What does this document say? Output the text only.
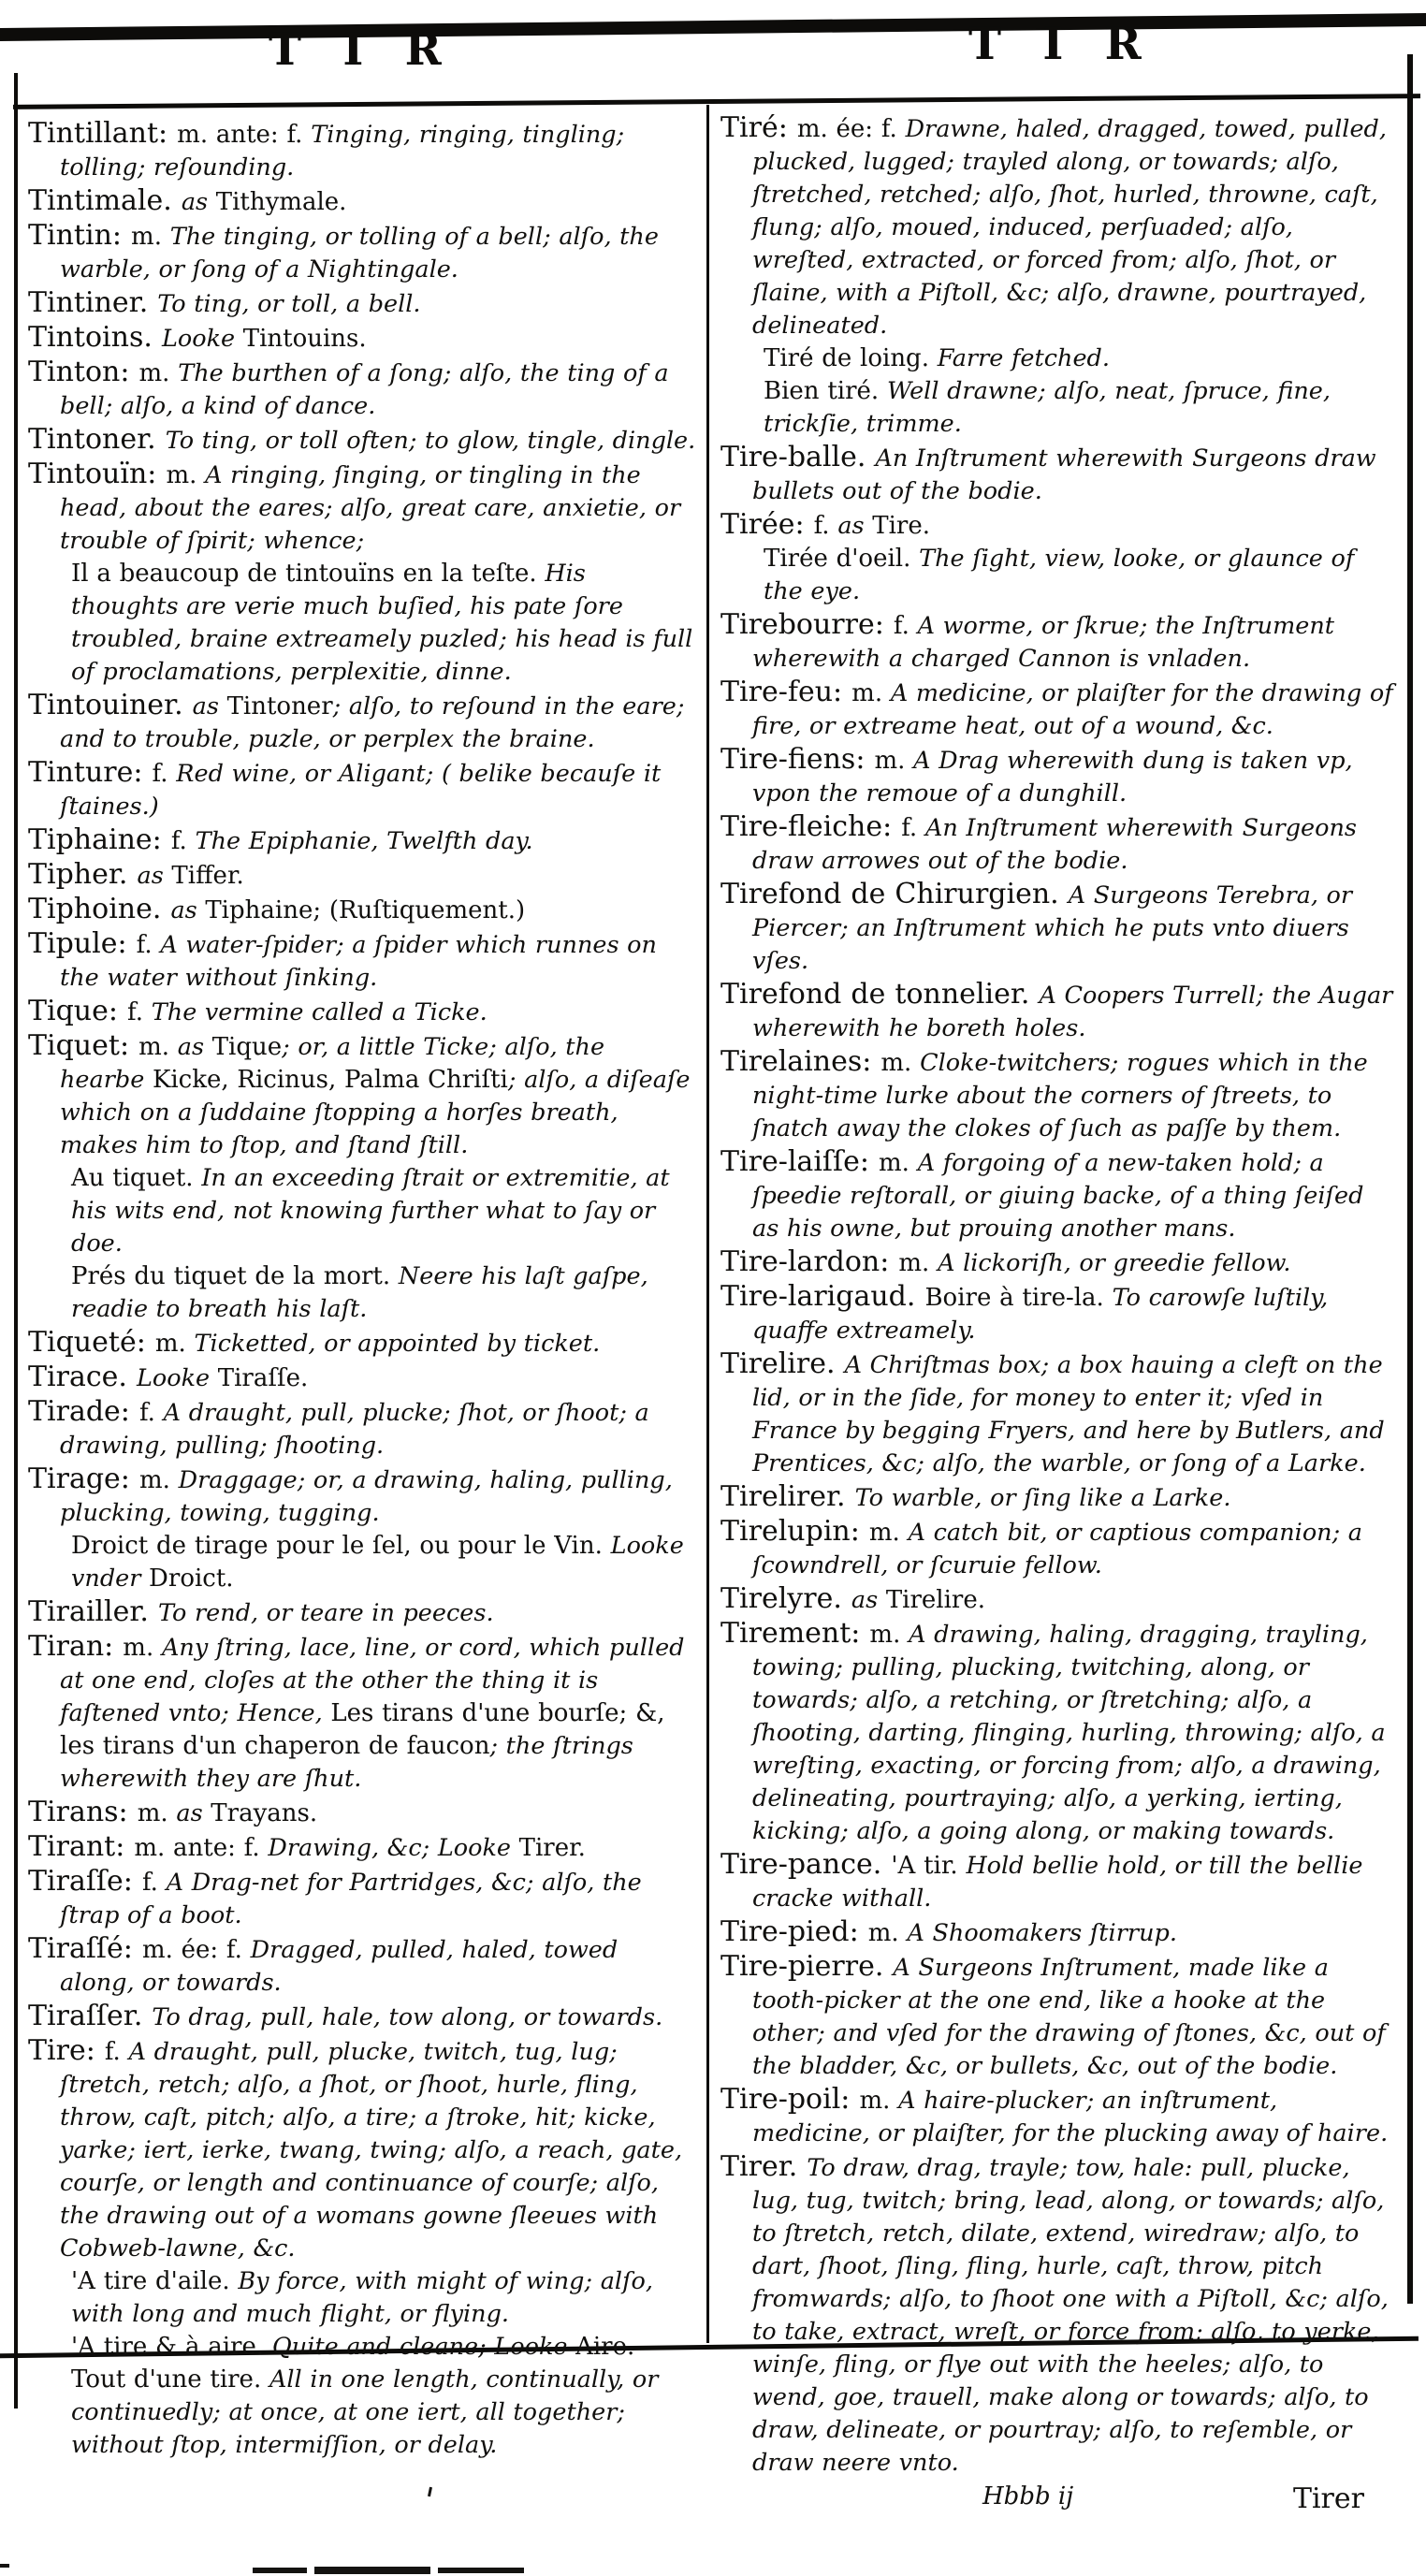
T I R	T I R

Tintillant: m. ante: f. Tinging, ringing, tingling; tolling; reſounding.

Tintimale. as Tithymale.

Tintin: m. The tinging, or tolling of a bell; alſo, the warble, or ſong of a Nightingale.

Tintiner. To ting, or toll, a bell.

Tintoins. Looke Tintouins.

Tinton: m. The burthen of a ſong; alſo, the ting of a bell; alſo, a kind of dance.

Tintoner. To ting, or toll often; to glow, tingle, dingle.

Tintouïn: m. A ringing, ſinging, or tingling in the head, about the eares; alſo, great care, anxietie, or trouble of ſpirit; whence;

Il a beaucoup de tintouïns en la teſte. His thoughts are verie much buſied, his pate ſore troubled, braine extreamely puzled; his head is full of proclamations, perplexitie, dinne.

Tintouiner. as Tintoner; alſo, to reſound in the eare; and to trouble, puzle, or perplex the braine.

Tinture: f. Red wine, or Aligant; ( belike becauſe it ſtaines.)

Tiphaine: f. The Epiphanie, Twelfth day.

Tipher. as Tiffer.

Tiphoine. as Tiphaine; (Ruſtiquement.)

Tipule: f. A water-ſpider; a ſpider which runnes on the water without ſinking.

Tique: f. The vermine called a Ticke.

Tiquet: m. as Tique; or, a little Ticke; alſo, the hearbe Kicke, Ricinus, Palma Chriſti; alſo, a diſeaſe which on a ſuddaine ſtopping a horſes breath, makes him to ſtop, and ſtand ſtill.

Au tiquet. In an exceeding ſtrait or extremitie, at his wits end, not knowing further what to ſay or doe.

Prés du tiquet de la mort. Neere his laſt gaſpe, readie to breath his laſt.

Tiqueté: m. Ticketted, or appointed by ticket.

Tirace. Looke Tiraſſe.

Tirade: f. A draught, pull, plucke; ſhot, or ſhoot; a drawing, pulling; ſhooting.

Tirage: m. Draggage; or, a drawing, haling, pulling, plucking, towing, tugging.

Droict de tirage pour le ſel, ou pour le Vin. Looke vnder Droict.

Tirailler. To rend, or teare in peeces.

Tiran: m. Any ſtring, lace, line, or cord, which pulled at one end, cloſes at the other the thing it is faſtened vnto; Hence, Les tirans d'une bourſe; &, les tirans d'un chaperon de faucon; the ſtrings wherewith they are ſhut.

Tirans: m. as Trayans.

Tirant: m. ante: f. Drawing, &c; Looke Tirer.

Tiraſſe: f. A Drag-net for Partridges, &c; alſo, the ſtrap of a boot.

Tiraſſé: m. ée: f. Dragged, pulled, haled, towed along, or towards.

Tiraſſer. To drag, pull, hale, tow along, or towards.

Tire: f. A draught, pull, plucke, twitch, tug, lug; ſtretch, retch; alſo, a ſhot, or ſhoot, hurle, fling, throw, caſt, pitch; alſo, a tire; a ſtroke, hit; kicke, yarke; iert, ierke, twang, twing; alſo, a reach, gate, courſe, or length and continuance of courſe; alſo, the drawing out of a womans gowne ſleeues with Cobweb-lawne, &c.

'A tire d'aile. By force, with might of wing; alſo, with long and much flight, or flying.

'A tire & à aire. Quite and cleane; Looke Aire.

Tout d'une tire. All in one length, continually, or continuedly; at once, at one iert, all together; without ſtop, intermiſſion, or delay.

Tiré: m. ée: f. Drawne, haled, dragged, towed, pulled, plucked, lugged; trayled along, or towards; alſo, ſtretched, retched; alſo, ſhot, hurled, throwne, caſt, flung; alſo, moued, induced, perſuaded; alſo, wreſted, extracted, or forced from; alſo, ſhot, or ſlaine, with a Piſtoll, &c; alſo, drawne, pourtrayed, delineated.

Tiré de loing. Farre fetched.

Bien tiré. Well drawne; alſo, neat, ſpruce, fine, trickſie, trimme.

Tire-balle. An Inſtrument wherewith Surgeons draw bullets out of the bodie.

Tirée: f. as Tire.

Tirée d'oeil. The ſight, view, looke, or glaunce of the eye.

Tirebourre: f. A worme, or ſkrue; the Inſtrument wherewith a charged Cannon is vnladen.

Tire-feu: m. A medicine, or plaiſter for the drawing of fire, or extreame heat, out of a wound, &c.

Tire-fiens: m. A Drag wherewith dung is taken vp, vpon the remoue of a dunghill.

Tire-fleiche: f. An Inſtrument wherewith Surgeons draw arrowes out of the bodie.

Tirefond de Chirurgien. A Surgeons Terebra, or Piercer; an Inſtrument which he puts vnto diuers vſes.

Tirefond de tonnelier. A Coopers Turrell; the Augar wherewith he boreth holes.

Tirelaines: m. Cloke-twitchers; rogues which in the night-time lurke about the corners of ſtreets, to ſnatch away the clokes of ſuch as paſſe by them.

Tire-laiſſe: m. A forgoing of a new-taken hold; a ſpeedie reſtorall, or giuing backe, of a thing ſeiſed as his owne, but prouing another mans.

Tire-lardon: m. A lickoriſh, or greedie fellow.

Tire-larigaud. Boire à tire-la. To carowſe luſtily, quaffe extreamely.

Tirelire. A Chriſtmas box; a box hauing a cleft on the lid, or in the ſide, for money to enter it; vſed in France by begging Fryers, and here by Butlers, and Prentices, &c; alſo, the warble, or ſong of a Larke.

Tirelirer. To warble, or ſing like a Larke.

Tirelupin: m. A catch bit, or captious companion; a ſcowndrell, or ſcuruie fellow.

Tirelyre. as Tirelire.

Tirement: m. A drawing, haling, dragging, trayling, towing; pulling, plucking, twitching, along, or towards; alſo, a retching, or ſtretching; alſo, a ſhooting, darting, flinging, hurling, throwing; alſo, a wreſting, exacting, or forcing from; alſo, a drawing, delineating, pourtraying; alſo, a yerking, ierting, kicking; alſo, a going along, or making towards.

Tire-pance. 'A tir. Hold bellie hold, or till the bellie cracke withall.

Tire-pied: m. A Shoomakers ſtirrup.

Tire-pierre. A Surgeons Inſtrument, made like a tooth-picker at the one end, like a hooke at the other; and vſed for the drawing of ſtones, &c, out of the bladder, &c, or bullets, &c, out of the bodie.

Tire-poil: m. A haire-plucker; an inſtrument, medicine, or plaiſter, for the plucking away of haire.

Tirer. To draw, drag, trayle; tow, hale: pull, plucke, lug, tug, twitch; bring, lead, along, or towards; alſo, to ſtretch, retch, dilate, extend, wiredraw; alſo, to dart, ſhoot, ſling, fling, hurle, caſt, throw, pitch fromwards; alſo, to ſhoot one with a Piſtoll, &c; alſo, to take, extract, wreſt, or force from; alſo, to yerke, winſe, fling, or flye out with the heeles; alſo, to wend, goe, trauell, make along or towards; alſo, to draw, delineate, or pourtray; alſo, to reſemble, or draw neere vnto.

Hbbb ij	Tirer
